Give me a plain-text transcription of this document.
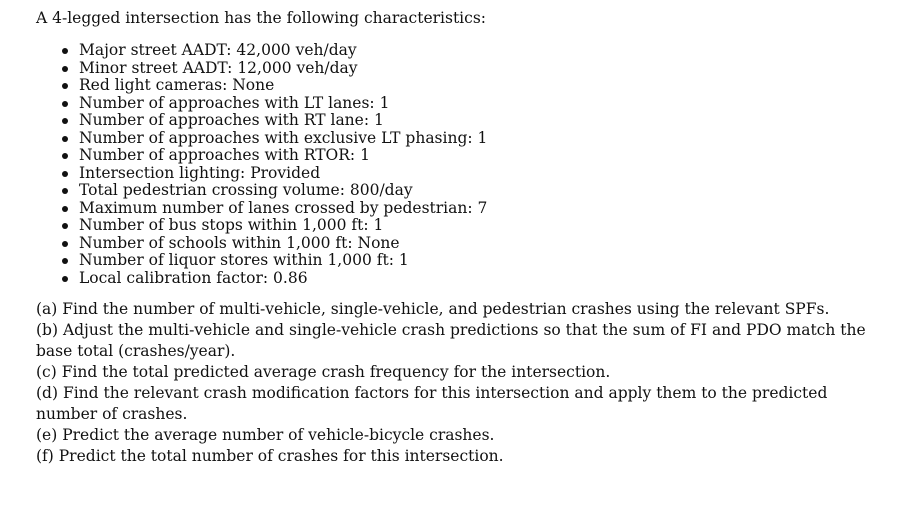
A 4-legged intersection has the following characteristics:

Major street AADT: 42,000 veh/day
Minor street AADT: 12,000 veh/day
Red light cameras: None
Number of approaches with LT lanes: 1
Number of approaches with RT lane: 1
Number of approaches with exclusive LT phasing: 1
Number of approaches with RTOR: 1
Intersection lighting: Provided
Total pedestrian crossing volume: 800/day
Maximum number of lanes crossed by pedestrian: 7
Number of bus stops within 1,000 ft: 1
Number of schools within 1,000 ft: None
Number of liquor stores within 1,000 ft: 1
Local calibration factor: 0.86

(a) Find the number of multi-vehicle, single-vehicle, and pedestrian crashes using the relevant SPFs.

(b) Adjust the multi-vehicle and single-vehicle crash predictions so that the sum of FI and PDO match the base total (crashes/year).

(c) Find the total predicted average crash frequency for the intersection.

(d) Find the relevant crash modification factors for this intersection and apply them to the predicted number of crashes.

(e) Predict the average number of vehicle-bicycle crashes.

(f) Predict the total number of crashes for this intersection.
